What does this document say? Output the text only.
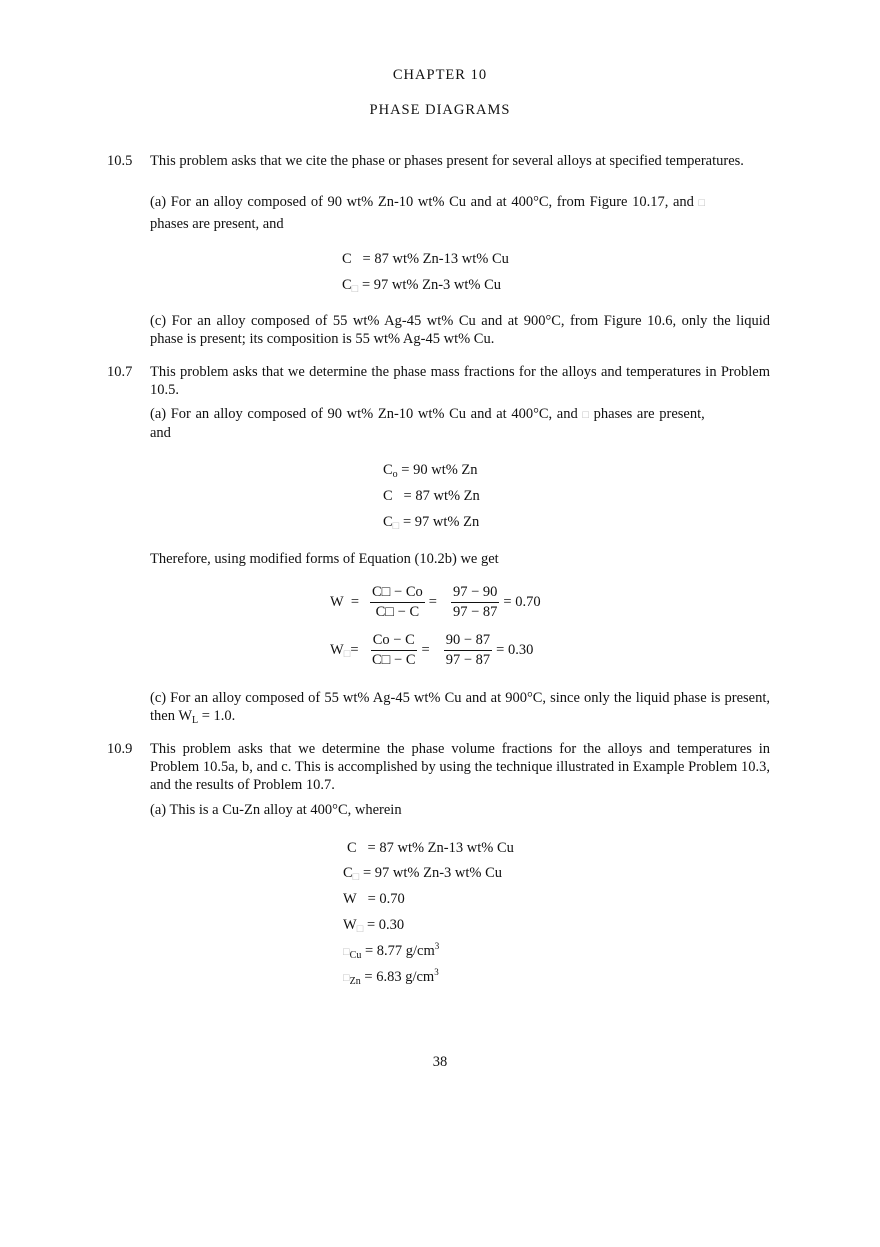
CHAPTER 10
PHASE DIAGRAMS
10.5 This problem asks that we cite the phase or phases present for several alloys at specified temperatures.
(a) For an alloy composed of 90 wt% Zn-10 wt% Cu and at 400°C, from Figure 10.17, and □
phases are present, and
C = 87 wt% Zn-13 wt% Cu
$C_□ = 97$ wt% Zn-3 wt% Cu
(c) For an alloy composed of 55 wt% Ag-45 wt% Cu and at 900°C, from Figure 10.6, only the liquid phase is present; its composition is 55 wt% Ag-45 wt% Cu.
10.7 This problem asks that we determine the phase mass fractions for the alloys and temperatures in Problem 10.5.
(a) For an alloy composed of 90 wt% Zn-10 wt% Cu and at 400°C, and □ phases are present,
and
$C_o = 90$ wt% Zn
C   = 87 wt% Zn
$C_□ = 97$ wt% Zn
Therefore, using modified forms of Equation (10.2b) we get
$W = \frac{C□ - Co}{C□ - C} = \frac{97 - 90}{97 - 87} = 0.70$
$W_□= \frac{Co - C}{C□ - C} = \frac{90 - 87}{97 - 87} = 0.30$
(c) For an alloy composed of 55 wt% Ag-45 wt% Cu and at 900°C, since only the liquid phase is present, then $W_L = 1.0$.
10.9 This problem asks that we determine the phase volume fractions for the alloys and temperatures in Problem 10.5a, b, and c. This is accomplished by using the technique illustrated in Example Problem 10.3, and the results of Problem 10.7.
(a) This is a Cu-Zn alloy at 400°C, wherein
C   = 87 wt% Zn-13 wt% Cu
$C_□ = 97$ wt% Zn-3 wt% Cu
W   = 0.70
$W_□ = 0.30$
$□_{Cu} = 8.77$ $g/cm^3$
$□_{Zn} = 6.83$ $g/cm^3$
38
